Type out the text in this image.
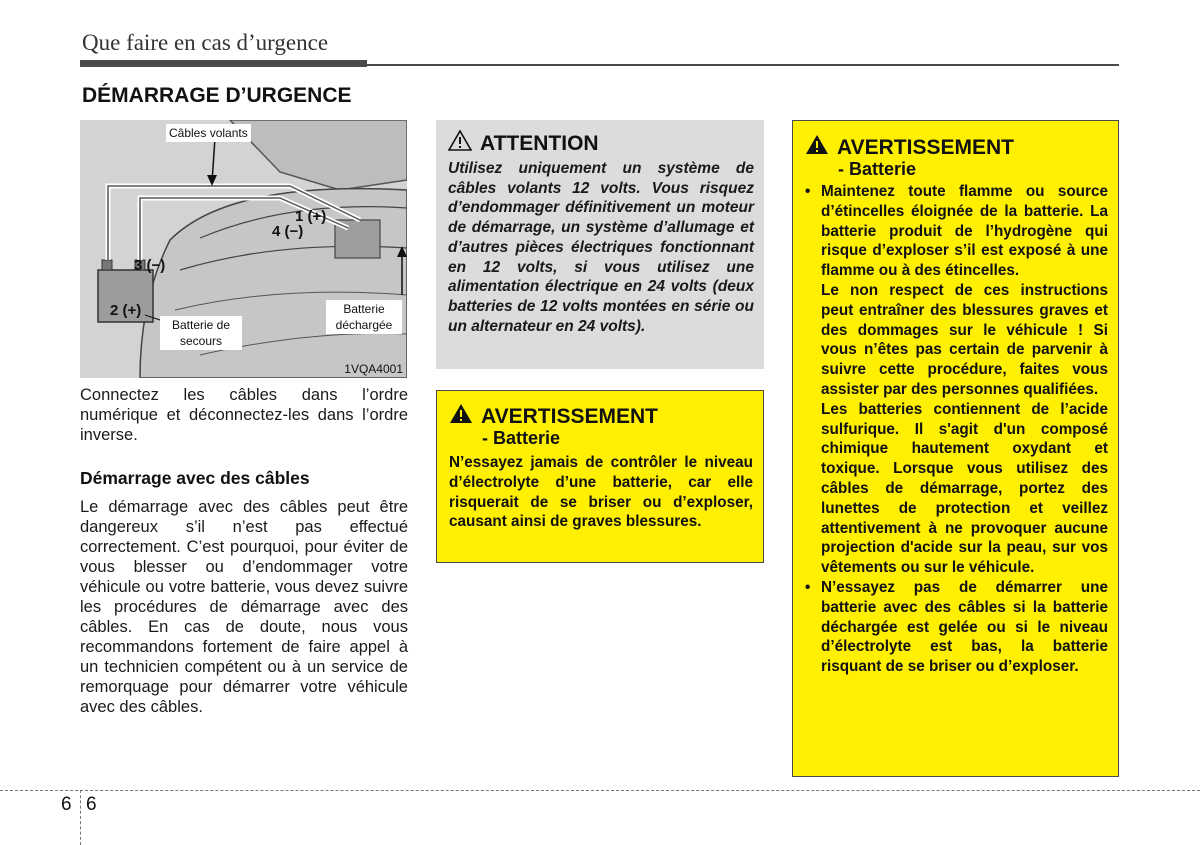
Que faire en cas d’urgence
DÉMARRAGE D’URGENCE
Câbles volants
Batterie de secours
Batterie déchargée
1 (+)
2 (+)
3 (−)
4 (−)
1VQA4001
Connectez les câbles dans l’ordre numérique et déconnectez-les dans l’ordre inverse.
Démarrage avec des câbles
Le démarrage avec des câbles peut être dangereux s’il n’est pas effectué correctement. C’est pourquoi, pour éviter de vous blesser ou d’endommager votre véhicule ou votre batterie, vous devez suivre les procédures de démarrage avec des câbles. En cas de doute, nous vous recommandons fortement de faire appel à un technicien compétent ou à un service de remorquage pour démarrer votre véhicule avec des câbles.
ATTENTION
Utilisez uniquement un système de câbles volants 12 volts. Vous risquez d’endommager définitivement un moteur de démarrage, un système d’allumage et d’autres pièces électriques fonctionnant en 12 volts, si vous utilisez une alimentation électrique en 24 volts (deux batteries de 12 volts montées en série ou un alternateur en 24 volts).
AVERTISSEMENT
- Batterie
N’essayez jamais de contrôler le niveau d’électrolyte d’une batterie, car elle risquerait de se briser ou d’exploser, causant ainsi de graves blessures.
AVERTISSEMENT
- Batterie
• Maintenez toute flamme ou source d’étincelles éloignée de la batterie. La batterie produit de l’hydrogène qui risque d’exploser s’il est exposé à une flamme ou à des étincelles.

Le non respect de ces instructions peut entraîner des blessures graves et des dommages sur le véhicule ! Si vous n’êtes pas certain de parvenir à suivre cette procédure, faites vous assister par des personnes qualifiées.

Les batteries contiennent de l’acide sulfurique. Il s'agit d'un composé chimique hautement oxydant et toxique. Lorsque vous utilisez des câbles de démarrage, portez des lunettes de protection et veillez attentivement à ne provoquer aucune projection d'acide sur la peau, sur vos vêtements ou sur le véhicule.

• N’essayez pas de démarrer une batterie avec des câbles si la batterie déchargée est gelée ou si le niveau d’électrolyte est bas, la batterie risquant de se briser ou d’exploser.

6 6
